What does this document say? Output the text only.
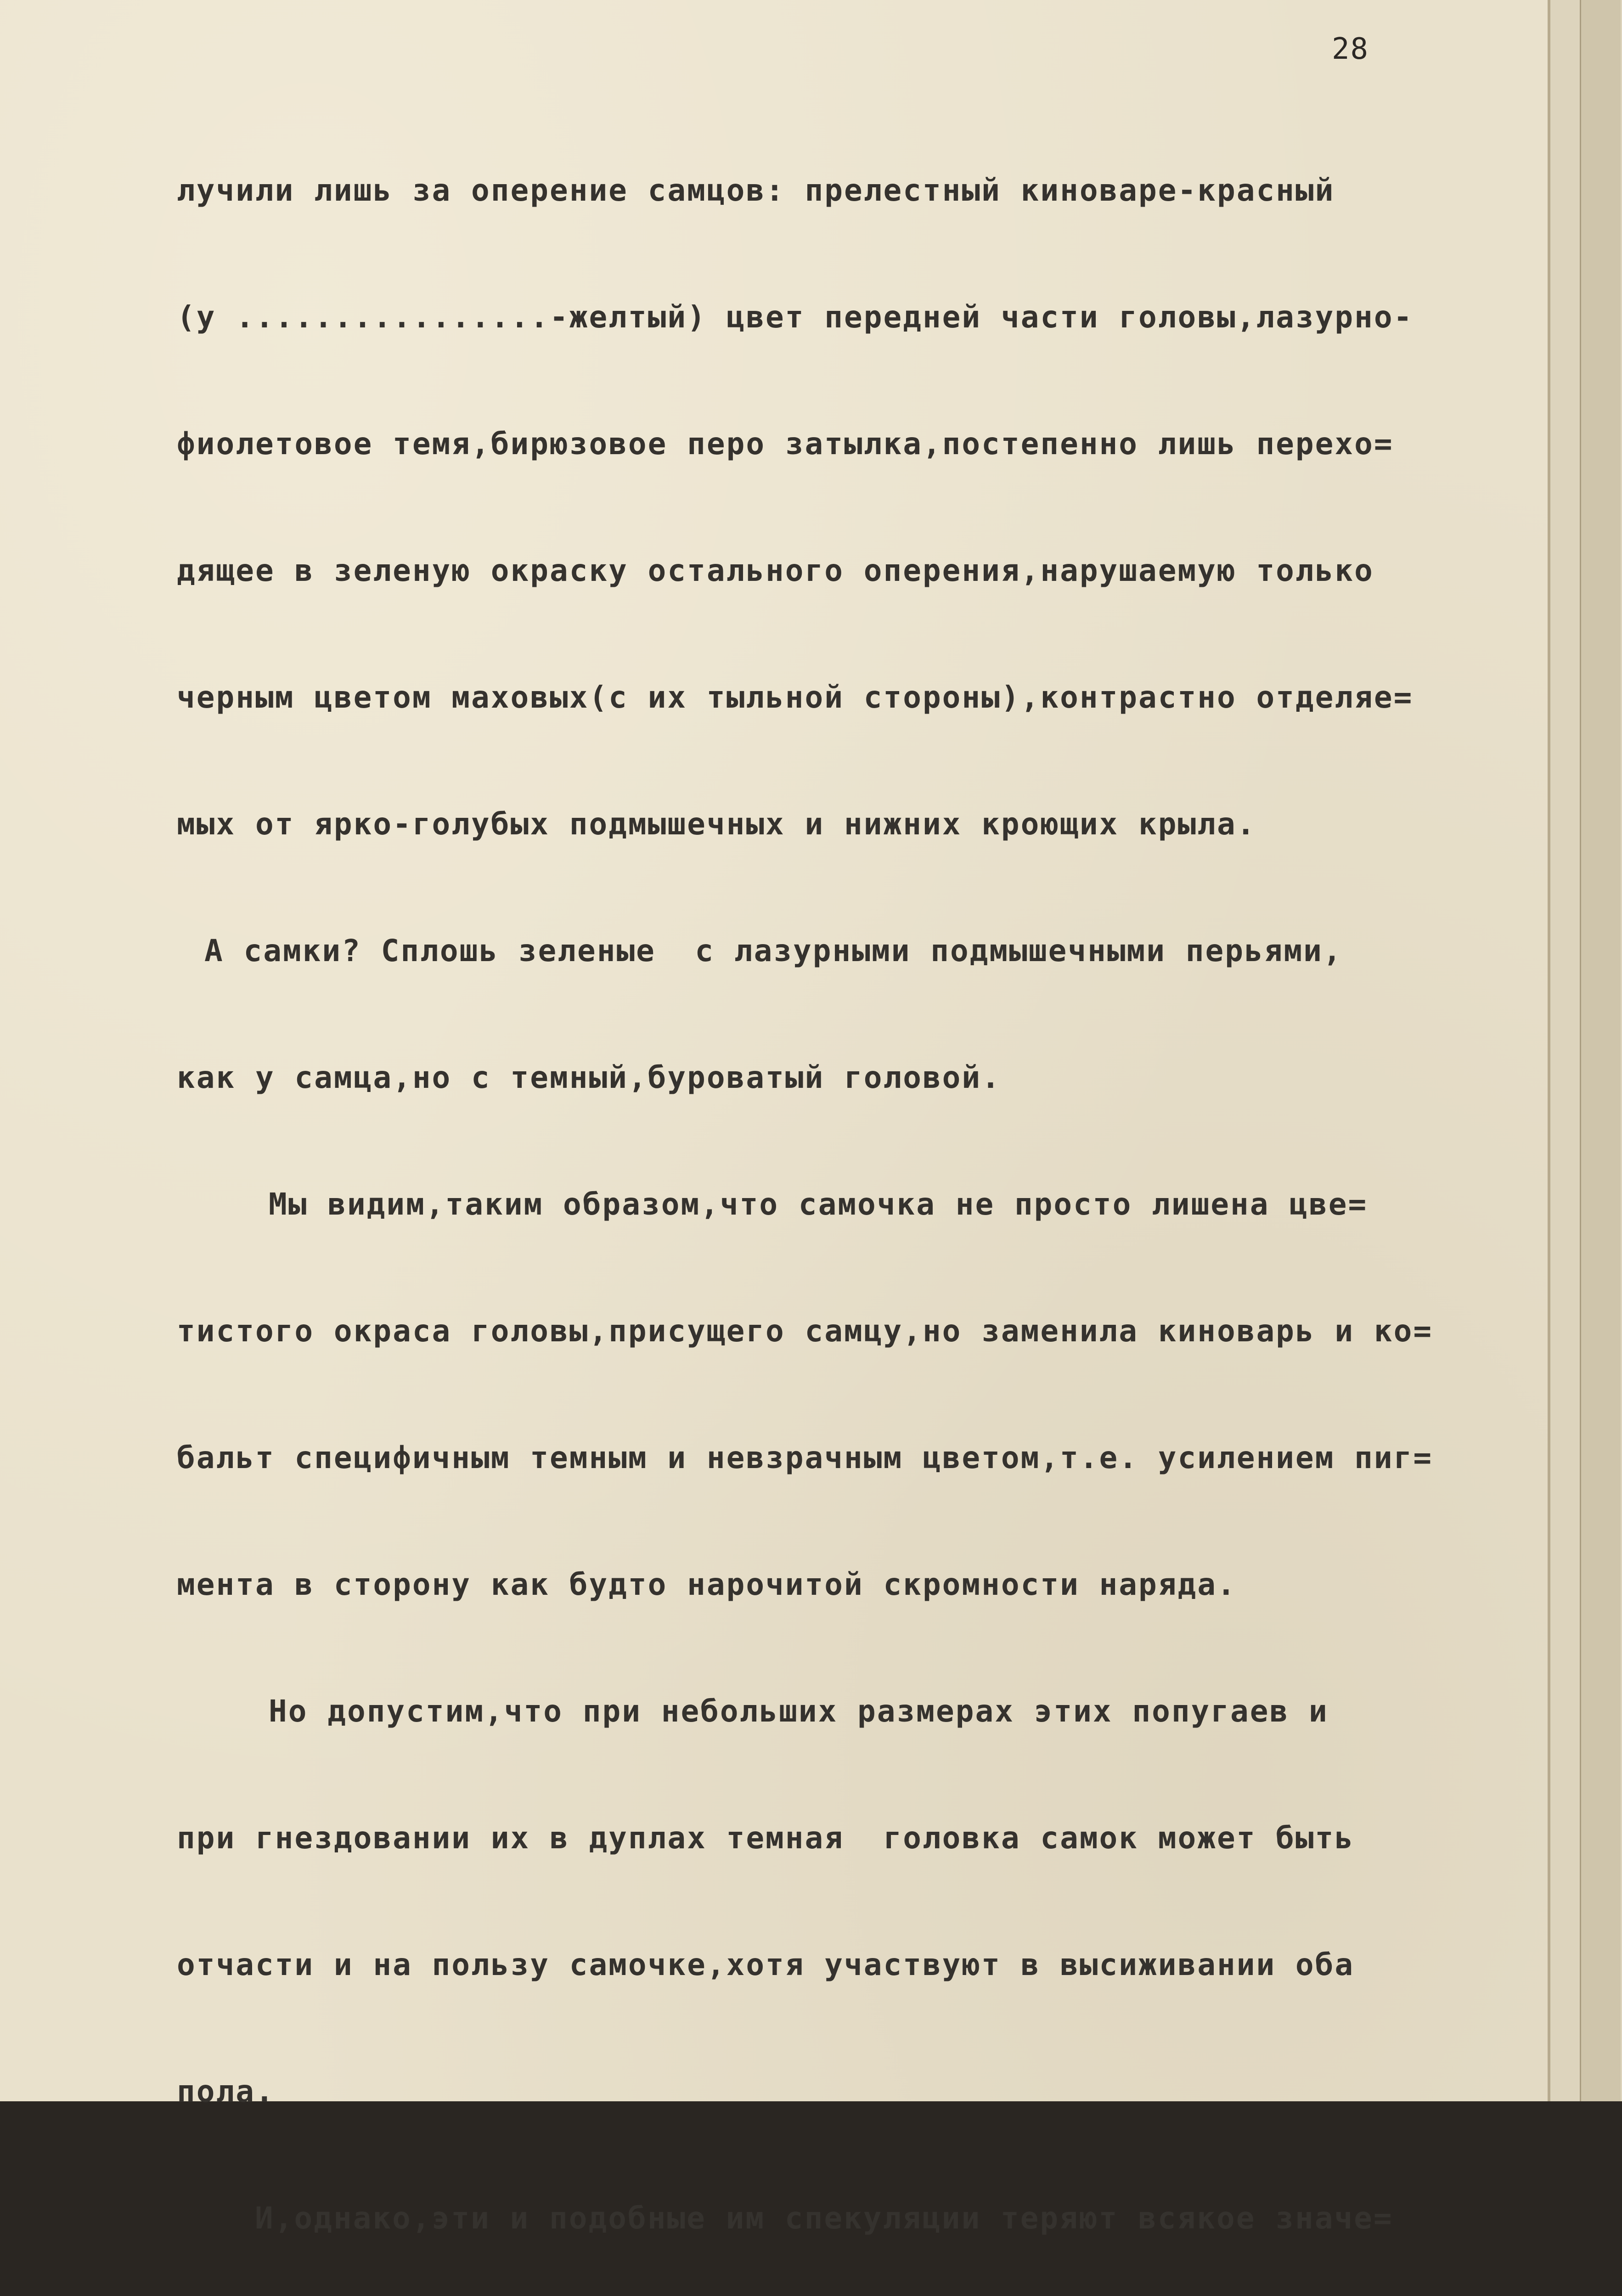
28

лучили лишь за оперение самцов: прелестный киноваре-красный

(у ................-желтый) цвет передней части головы,лазурно-

фиолетовое темя,бирюзовое перо затылка,постепенно лишь перехо=

дящее в зеленую окраску остального оперения,нарушаемую только

черным цветом маховых(с их тыльной стороны),контрастно отделяе=

мых от ярко-голубых подмышечных и нижних кроющих крыла.

А самки? Сплошь зеленые  с лазурными подмышечными перьями,

как у самца,но с темный,буроватый головой.

Мы видим,таким образом,что самочка не просто лишена цве=

тистого окраса головы,присущего самцу,но заменила киноварь и ко=

бальт специфичным темным и невзрачным цветом,т.е. усилением пиг=

мента в сторону как будто нарочитой скромности наряда.

Но допустим,что при небольших размерах этих попугаев и

при гнездовании их в дуплах темная  головка самок может быть

отчасти и на пользу самочке,хотя участвуют в высиживании оба

пола.

И,однако,эти и подобные им спекуляции теряют всякое значе=
